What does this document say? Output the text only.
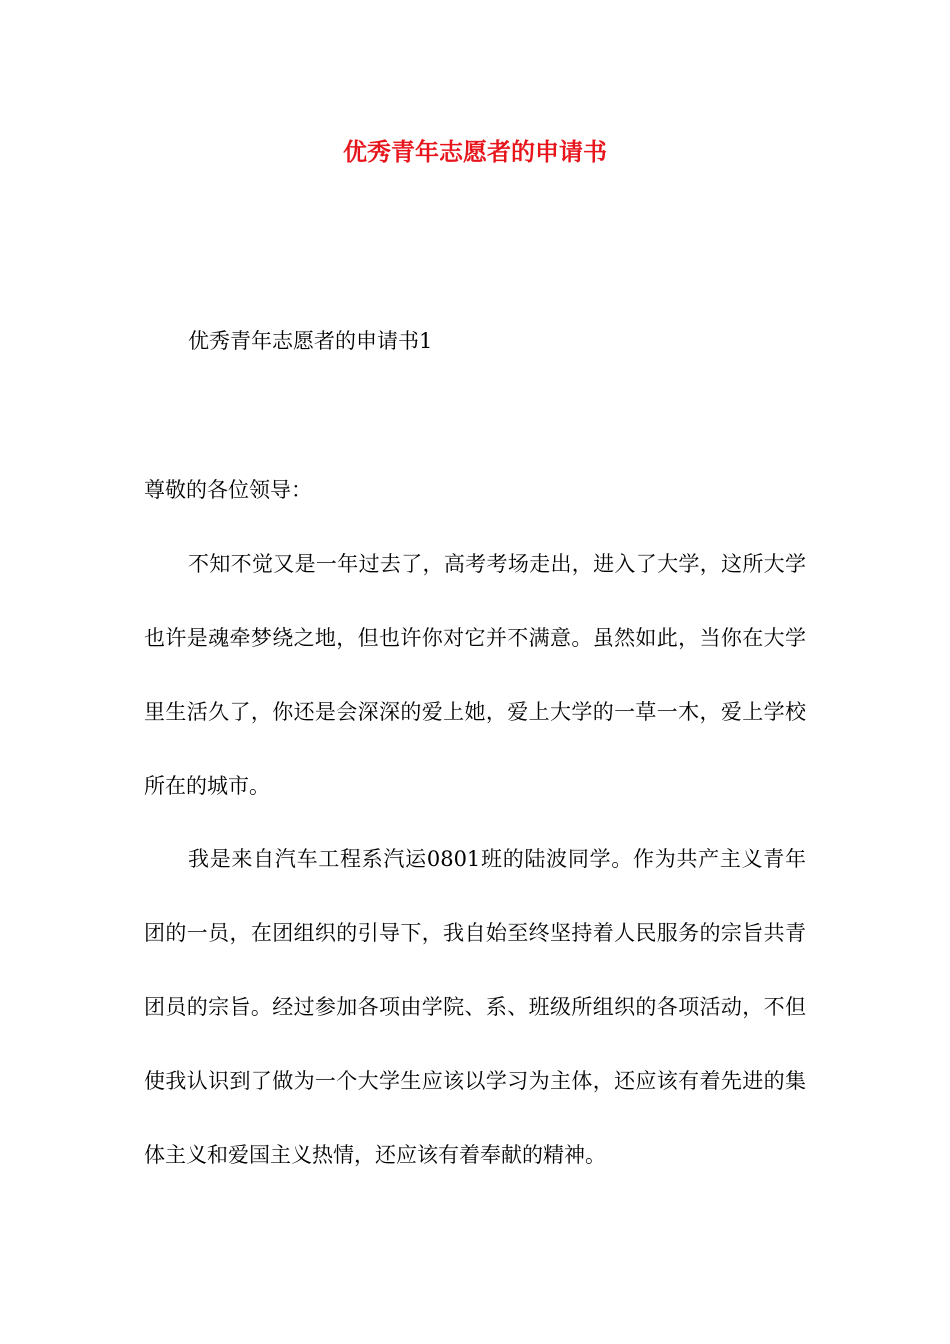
优秀青年志愿者的申请书
优秀青年志愿者的申请书1
尊敬的各位领导：

不知不觉又是一年过去了，高考考场走出，进入了大学，这所大学也许是魂牵梦绕之地，但也许你对它并不满意。虽然如此，当你在大学里生活久了，你还是会深深的爱上她，爱上大学的一草一木，爱上学校所在的城市。

我是来自汽车工程系汽运0801班的陆波同学。作为共产主义青年团的一员，在团组织的引导下，我自始至终坚持着人民服务的宗旨共青团员的宗旨。经过参加各项由学院、系、班级所组织的各项活动，不但使我认识到了做为一个大学生应该以学习为主体，还应该有着先进的集体主义和爱国主义热情，还应该有着奉献的精神。
